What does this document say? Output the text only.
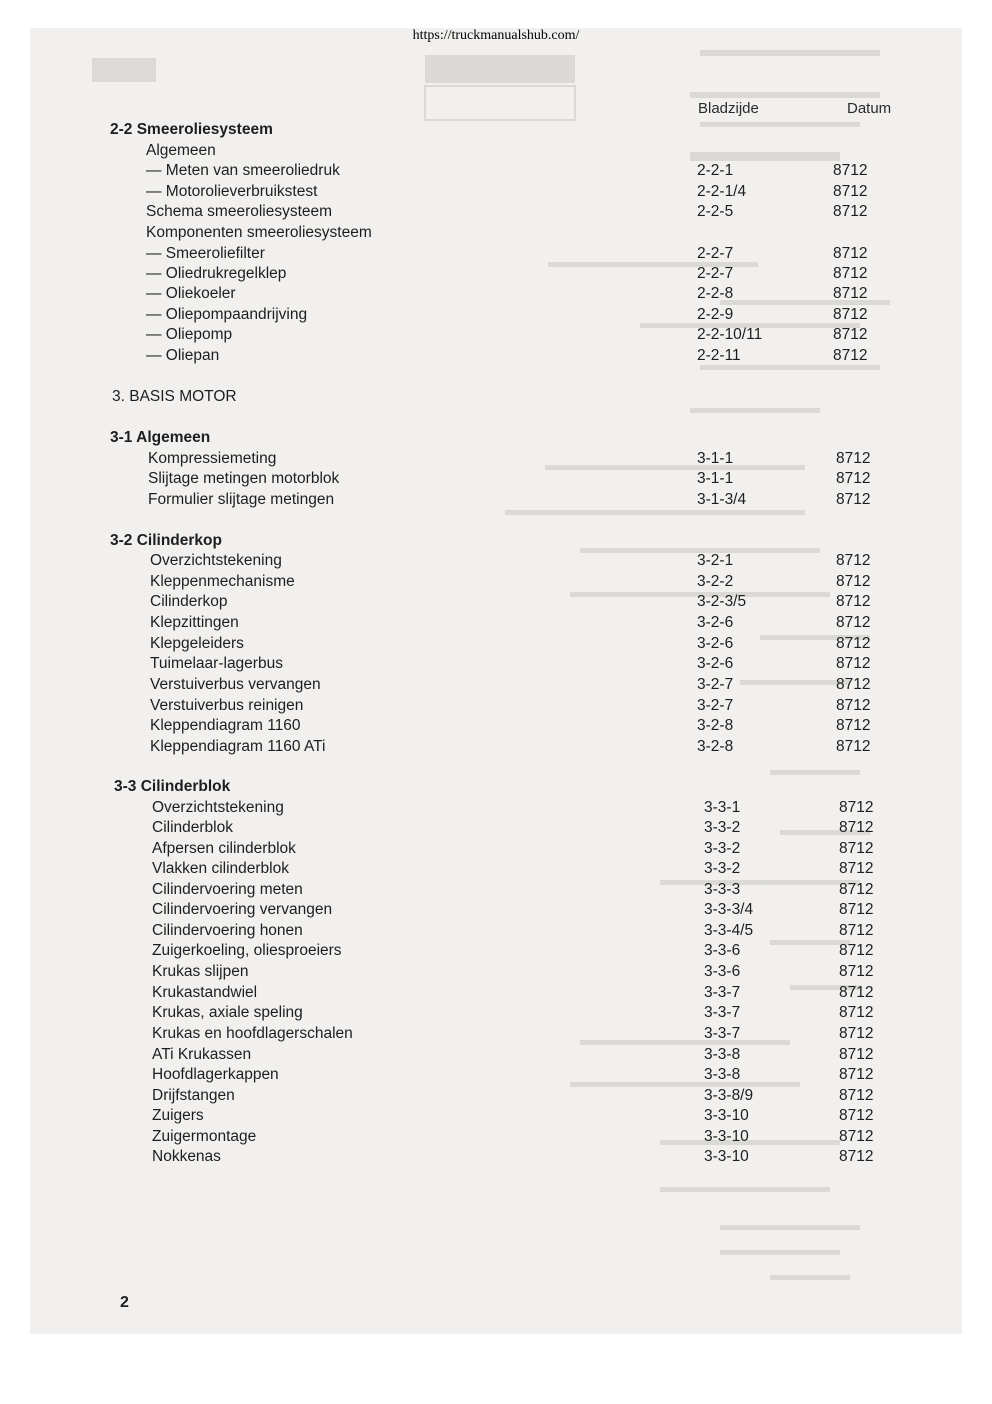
https://truckmanualshub.com/
Bladzijde	Datum
2-2 Smeeroliesysteem
Algemeen
— Meten van smeeroliedruk	2-2-1	8712
— Motorolieverbruikstest	2-2-1/4	8712
Schema smeeroliesysteem	2-2-5	8712
Komponenten smeeroliesysteem
— Smeeroliefilter	2-2-7	8712
— Oliedrukregelklep	2-2-7	8712
— Oliekoeler	2-2-8	8712
— Oliepompaandrijving	2-2-9	8712
— Oliepomp	2-2-10/11	8712
— Oliepan	2-2-11	8712
3. BASIS MOTOR
3-1 Algemeen
Kompressiemeting	3-1-1	8712
Slijtage metingen motorblok	3-1-1	8712
Formulier slijtage metingen	3-1-3/4	8712
3-2 Cilinderkop
Overzichtstekening	3-2-1	8712
Kleppenmechanisme	3-2-2	8712
Cilinderkop	3-2-3/5	8712
Klepzittingen	3-2-6	8712
Klepgeleiders	3-2-6	8712
Tuimelaar-lagerbus	3-2-6	8712
Verstuiverbus vervangen	3-2-7	8712
Verstuiverbus reinigen	3-2-7	8712
Kleppendiagram 1160	3-2-8	8712
Kleppendiagram 1160 ATi	3-2-8	8712
3-3 Cilinderblok
Overzichtstekening	3-3-1	8712
Cilinderblok	3-3-2	8712
Afpersen cilinderblok	3-3-2	8712
Vlakken cilinderblok	3-3-2	8712
Cilindervoering meten	3-3-3	8712
Cilindervoering vervangen	3-3-3/4	8712
Cilindervoering honen	3-3-4/5	8712
Zuigerkoeling, oliesproeiers	3-3-6	8712
Krukas slijpen	3-3-6	8712
Krukastandwiel	3-3-7	8712
Krukas, axiale speling	3-3-7	8712
Krukas en hoofdlagerschalen	3-3-7	8712
ATi Krukassen	3-3-8	8712
Hoofdlagerkappen	3-3-8	8712
Drijfstangen	3-3-8/9	8712
Zuigers	3-3-10	8712
Zuigermontage	3-3-10	8712
Nokkenas	3-3-10	8712
2
